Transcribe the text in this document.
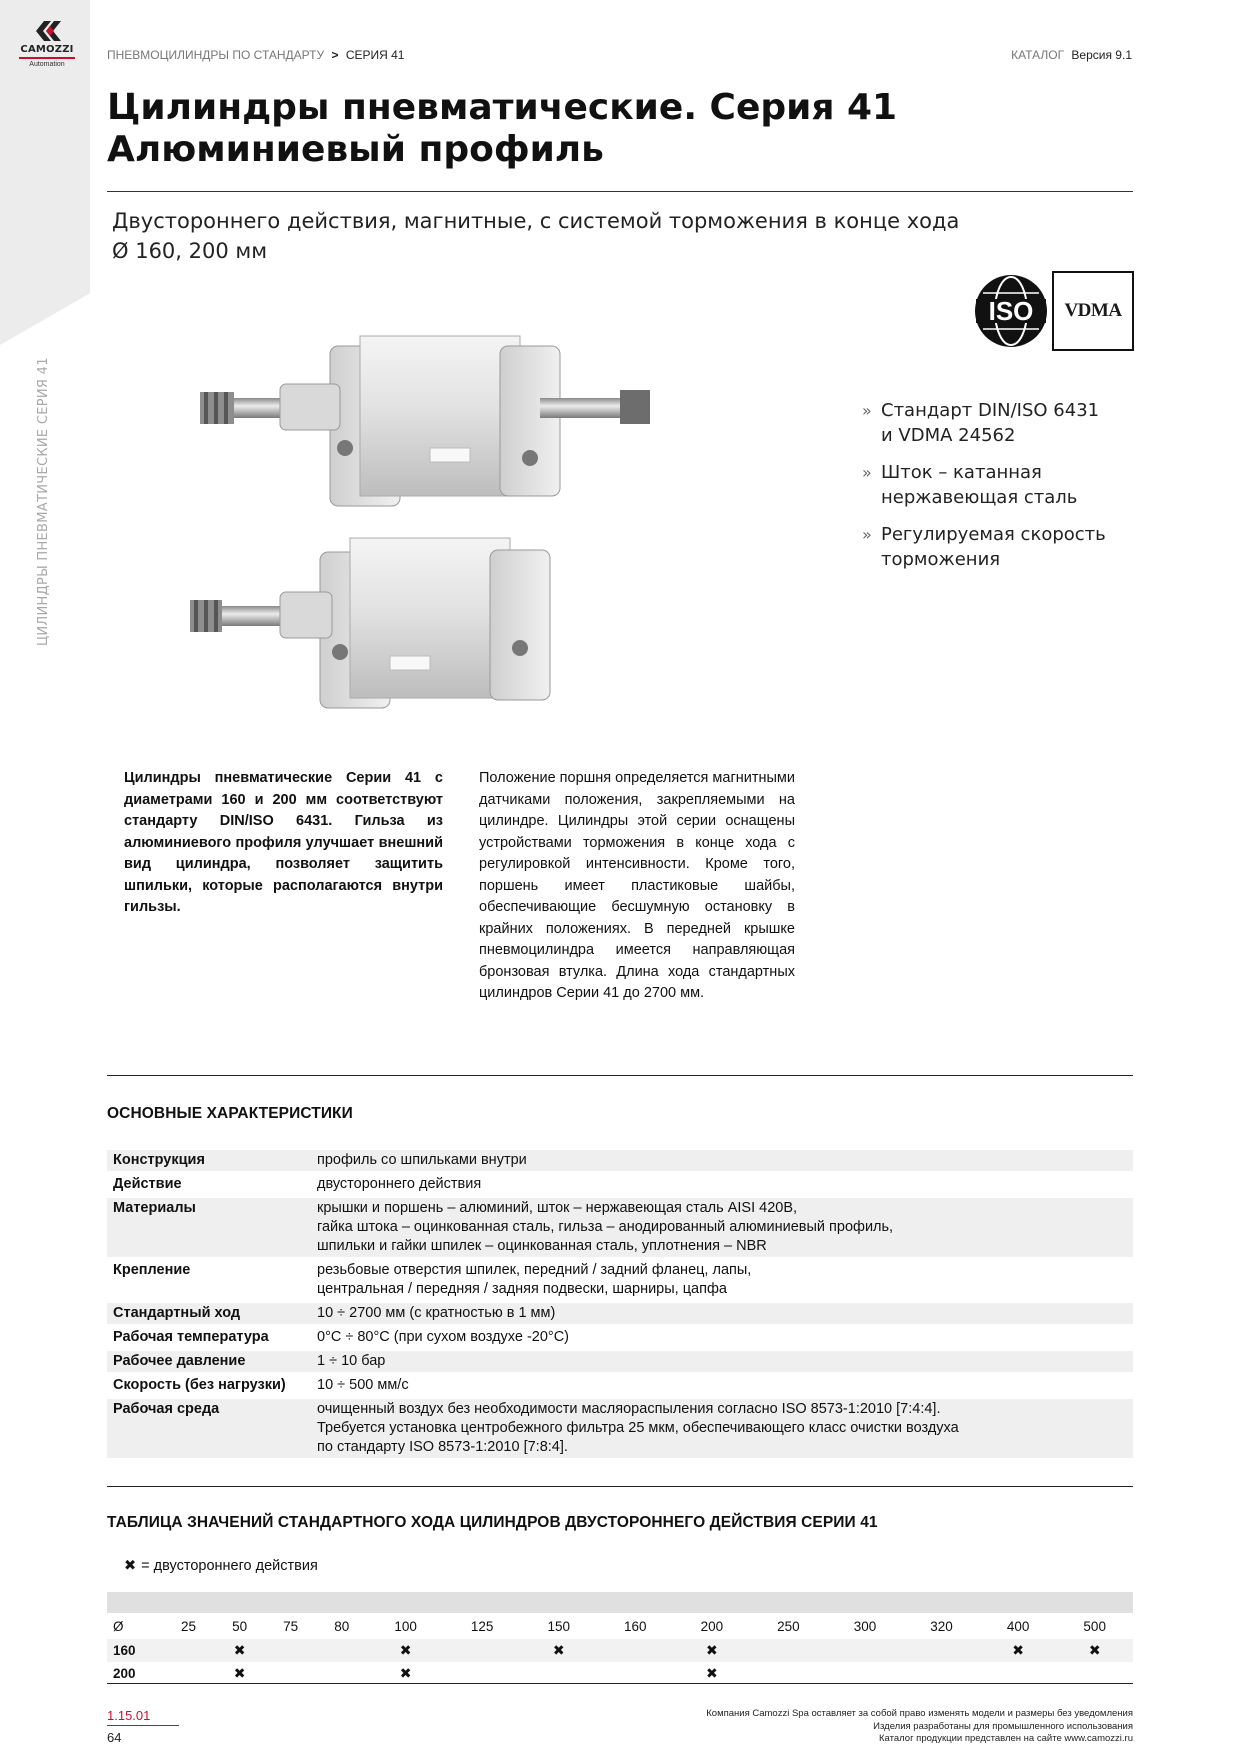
CAMOZZI
Automation
ЦИЛИНДРЫ ПНЕВМАТИЧЕСКИЕ СЕРИЯ 41
ПНЕВМОЦИЛИНДРЫ ПО СТАНДАРТУ > СЕРИЯ 41	КАТАЛОГ Версия 9.1
Цилиндры пневматические. Серия 41
Алюминиевый профиль
Двустороннего действия, магнитные, с системой торможения в конце хода
Ø 160, 200 мм
ISO	VDMA
» Стандарт DIN/ISO 6431
и VDMA 24562
» Шток – катанная
нержавеющая сталь
» Регулируемая скорость
торможения
Цилиндры пневматические Серии 41 с диаметрами 160 и 200 мм соответствуют стандарту DIN/ISO 6431. Гильза из алюминиевого профиля улучшает внешний вид цилиндра, позволяет защитить шпильки, которые располагаются внутри гильзы.
Положение поршня определяется магнитными датчиками положения, закрепляемыми на цилиндре. Цилиндры этой серии оснащены устройствами торможения в конце хода с регулировкой интенсивности. Кроме того, поршень имеет пластиковые шайбы, обеспечивающие бесшумную остановку в крайних положениях. В передней крышке пневмоцилиндра имеется направляющая бронзовая втулка. Длина хода стандартных цилиндров Серии 41 до 2700 мм.
ОСНОВНЫЕ ХАРАКТЕРИСТИКИ
Конструкция	профиль со шпильками внутри

Действие	двустороннего действия

Материалы	крышки и поршень – алюминий, шток – нержавеющая сталь AISI 420B,
гайка штока – оцинкованная сталь, гильза – анодированный алюминиевый профиль,
шпильки и гайки шпилек – оцинкованная сталь, уплотнения – NBR

Крепление	резьбовые отверстия шпилек, передний / задний фланец, лапы,
центральная / передняя / задняя подвески, шарниры, цапфа

Стандартный ход	10 ÷ 2700 мм (с кратностью в 1 мм)

Рабочая температура	0°C ÷ 80°C (при сухом воздухе -20°C)

Рабочее давление	1 ÷ 10 бар

Скорость (без нагрузки)	10 ÷ 500 мм/с

Рабочая среда	очищенный воздух без необходимости масляораспыления согласно ISO 8573-1:2010 [7:4:4].
Требуется установка центробежного фильтра 25 мкм, обеспечивающего класс очистки воздуха
по стандарту ISO 8573-1:2010 [7:8:4].
ТАБЛИЦА ЗНАЧЕНИЙ СТАНДАРТНОГО ХОДА ЦИЛИНДРОВ ДВУСТОРОННЕГО ДЕЙСТВИЯ СЕРИИ 41
✖ = двустороннего действия
Ø	25	50	75	80	100	125	150	160	200	250	300	320	400	500
160		✖			✖		✖		✖				✖	✖
200		✖			✖				✖					
1.15.01
64
Компания Camozzi Spa оставляет за собой право изменять модели и размеры без уведомления
Изделия разработаны для промышленного использования
Каталог продукции представлен на сайте www.camozzi.ru
